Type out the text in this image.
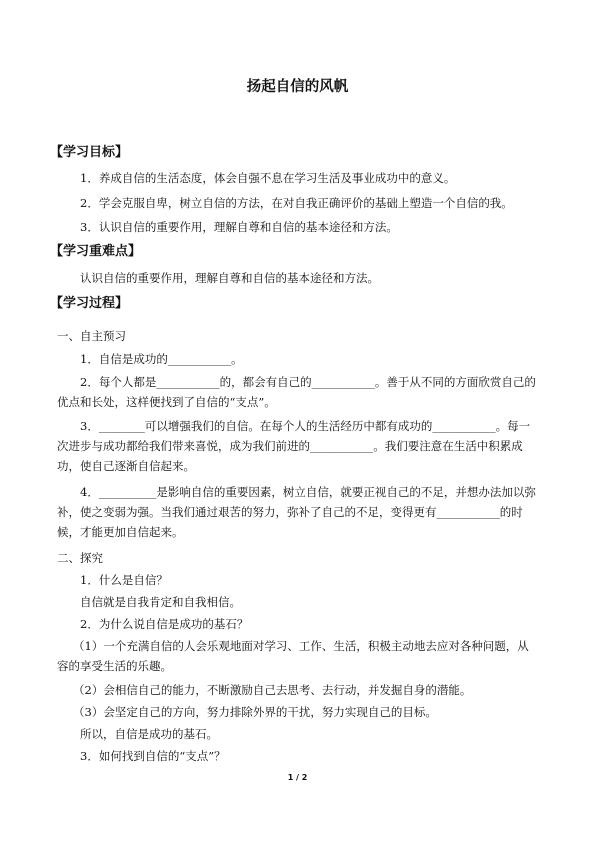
扬起自信的风帆
【学习目标】
1．养成自信的生活态度，体会自强不息在学习生活及事业成功中的意义。
2．学会克服自卑，树立自信的方法，在对自我正确评价的基础上塑造一个自信的我。
3．认识自信的重要作用，理解自尊和自信的基本途径和方法。
【学习重难点】
认识自信的重要作用，理解自尊和自信的基本途径和方法。
【学习过程】
一、自主预习
1．自信是成功的___________。
2．每个人都是___________的，都会有自己的___________。善于从不同的方面欣赏自己的优点和长处，这样便找到了自信的“支点”。
3．________可以增强我们的自信。在每个人的生活经历中都有成功的___________。每一次进步与成功都给我们带来喜悦，成为我们前进的___________。我们要注意在生活中积累成功，使自己逐渐自信起来。
4．__________是影响自信的重要因素，树立自信，就要正视自己的不足，并想办法加以弥补，使之变弱为强。当我们通过艰苦的努力，弥补了自己的不足，变得更有___________的时候，才能更加自信起来。
二、探究
1．什么是自信？
自信就是自我肯定和自我相信。
2．为什么说自信是成功的基石？
（1）一个充满自信的人会乐观地面对学习、工作、生活，积极主动地去应对各种问题，从容的享受生活的乐趣。
（2）会相信自己的能力，不断激励自己去思考、去行动，并发掘自身的潜能。
（3）会坚定自己的方向，努力排除外界的干扰，努力实现自己的目标。
所以，自信是成功的基石。
3．如何找到自信的“支点”？
1 / 2
